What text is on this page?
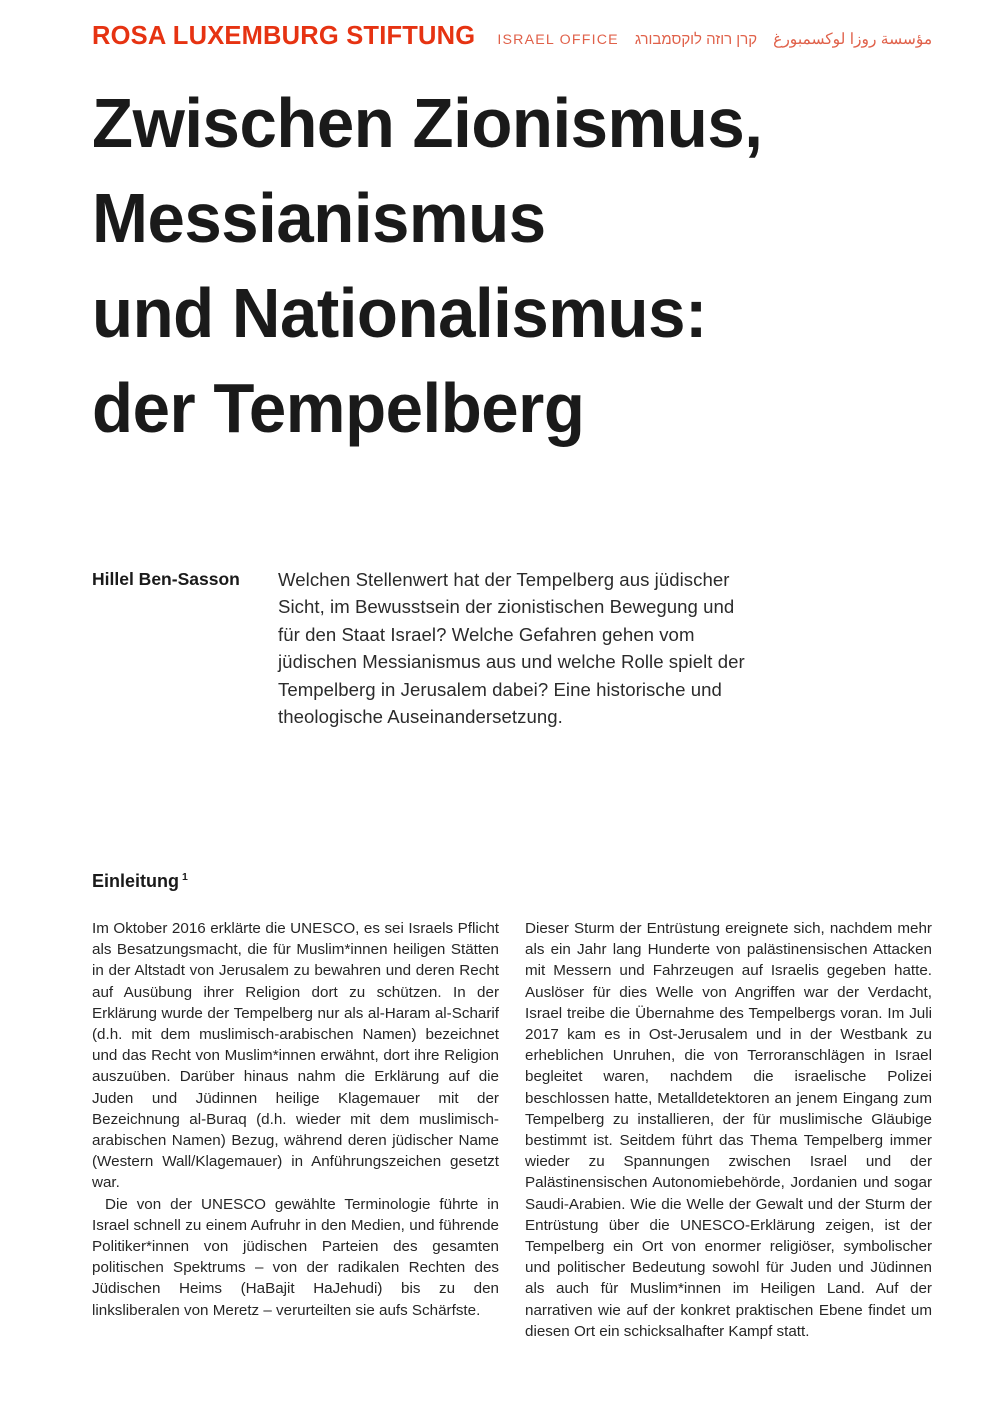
ROSA LUXEMBURG STIFTUNG ISRAEL OFFICE קרן רוזה לוקסמבורג مؤسسة روزا لوكسمبورغ
Zwischen Zionismus,
Messianismus
und Nationalismus:
der Tempelberg
Hillel Ben-Sasson	Welchen Stellenwert hat der Tempelberg aus jüdischer Sicht, im Bewusstsein der zionistischen Bewegung und für den Staat Israel? Welche Gefahren gehen vom jüdischen Messianismus aus und welche Rolle spielt der Tempelberg in Jerusalem dabei? Eine historische und theologische Auseinandersetzung.
Einleitung $^1$

Im Oktober 2016 erklärte die UNESCO, es sei Israels Pflicht als Besatzungsmacht, die für Muslim*innen heiligen Stätten in der Altstadt von Jerusalem zu bewahren und deren Recht auf Ausübung ihrer Religion dort zu schützen. In der Erklärung wurde der Tempelberg nur als al-Haram al-Scharif (d.h. mit dem muslimisch-arabischen Namen) bezeichnet und das Recht von Muslim*innen erwähnt, dort ihre Religion auszuüben. Darüber hinaus nahm die Erklärung auf die Juden und Jüdinnen heilige Klagemauer mit der Bezeichnung al-Buraq (d.h. wieder mit dem muslimisch-arabischen Namen) Bezug, während deren jüdischer Name (Western Wall/Klagemauer) in Anführungszeichen gesetzt war.

Die von der UNESCO gewählte Terminologie führte in Israel schnell zu einem Aufruhr in den Medien, und führende Politiker*innen von jüdischen Parteien des gesamten politischen Spektrums – von der radikalen Rechten des Jüdischen Heims (HaBajit HaJehudi) bis zu den linksliberalen von Meretz – verurteilten sie aufs Schärfste.

Dieser Sturm der Entrüstung ereignete sich, nachdem mehr als ein Jahr lang Hunderte von palästinensischen Attacken mit Messern und Fahrzeugen auf Israelis gegeben hatte. Auslöser für dies Welle von Angriffen war der Verdacht, Israel treibe die Übernahme des Tempelbergs voran. Im Juli 2017 kam es in Ost-Jerusalem und in der Westbank zu erheblichen Unruhen, die von Terroranschlägen in Israel begleitet waren, nachdem die israelische Polizei beschlossen hatte, Metalldetektoren an jenem Eingang zum Tempelberg zu installieren, der für muslimische Gläubige bestimmt ist. Seitdem führt das Thema Tempelberg immer wieder zu Spannungen zwischen Israel und der Palästinensischen Autonomiebehörde, Jordanien und sogar Saudi-Arabien. Wie die Welle der Gewalt und der Sturm der Entrüstung über die UNESCO-Erklärung zeigen, ist der Tempelberg ein Ort von enormer religiöser, symbolischer und politischer Bedeutung sowohl für Juden und Jüdinnen als auch für Muslim*innen im Heiligen Land. Auf der narrativen wie auf der konkret praktischen Ebene findet um diesen Ort ein schicksalhafter Kampf statt.
